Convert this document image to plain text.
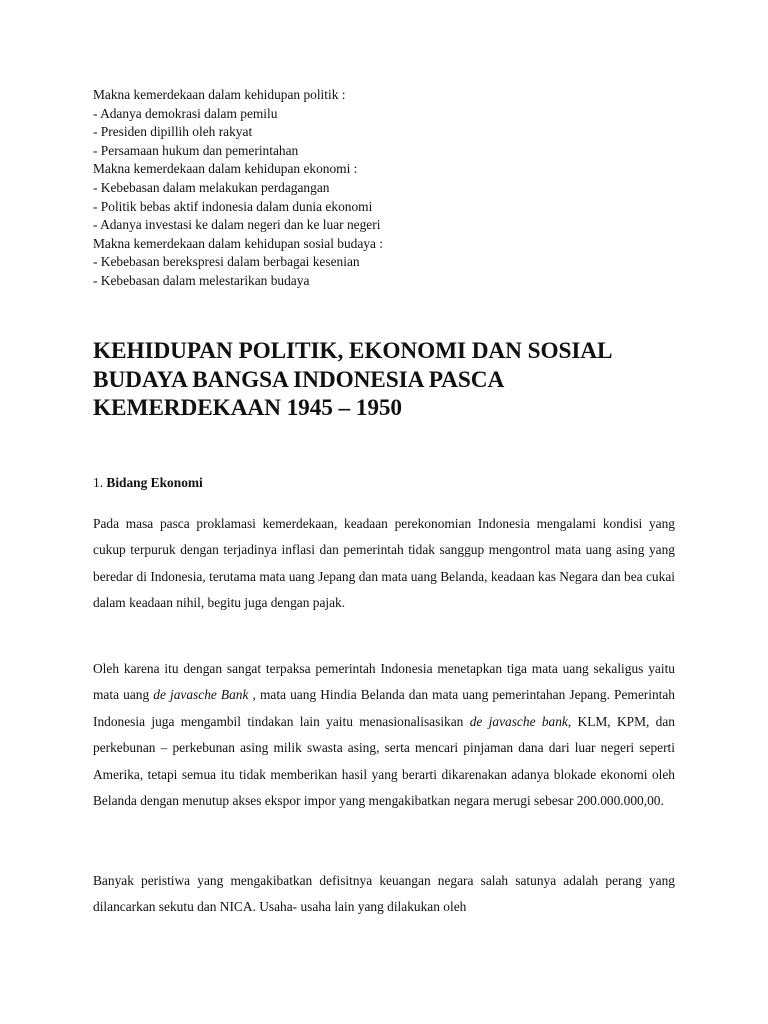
Makna kemerdekaan dalam kehidupan politik :
- Adanya demokrasi dalam pemilu
- Presiden dipillih oleh rakyat
- Persamaan hukum dan pemerintahan
Makna kemerdekaan dalam kehidupan ekonomi :
- Kebebasan dalam melakukan perdagangan
- Politik bebas aktif indonesia dalam dunia ekonomi
- Adanya investasi ke dalam negeri dan ke luar negeri
Makna kemerdekaan dalam kehidupan sosial budaya :
- Kebebasan berekspresi dalam berbagai kesenian
- Kebebasan dalam melestarikan budaya
KEHIDUPAN POLITIK, EKONOMI DAN SOSIAL
BUDAYA BANGSA INDONESIA PASCA
KEMERDEKAAN 1945 – 1950
1. Bidang Ekonomi

Pada masa pasca proklamasi kemerdekaan, keadaan perekonomian Indonesia mengalami kondisi yang cukup terpuruk dengan terjadinya inflasi dan pemerintah tidak sanggup mengontrol mata uang asing yang beredar di Indonesia, terutama mata uang Jepang dan mata uang Belanda, keadaan kas Negara dan bea cukai dalam keadaan nihil, begitu juga dengan pajak.

Oleh karena itu dengan sangat terpaksa pemerintah Indonesia menetapkan tiga mata uang sekaligus yaitu mata uang de javasche Bank , mata uang Hindia Belanda dan mata uang pemerintahan Jepang. Pemerintah Indonesia juga mengambil tindakan lain yaitu menasionalisasikan de javasche bank, KLM, KPM, dan perkebunan – perkebunan asing milik swasta asing, serta mencari pinjaman dana dari luar negeri seperti Amerika, tetapi semua itu tidak memberikan hasil yang berarti dikarenakan adanya blokade ekonomi oleh Belanda dengan menutup akses ekspor impor yang mengakibatkan negara merugi sebesar 200.000.000,00.

Banyak peristiwa yang mengakibatkan defisitnya keuangan negara salah satunya adalah perang yang dilancarkan sekutu dan NICA. Usaha- usaha lain yang dilakukan oleh
